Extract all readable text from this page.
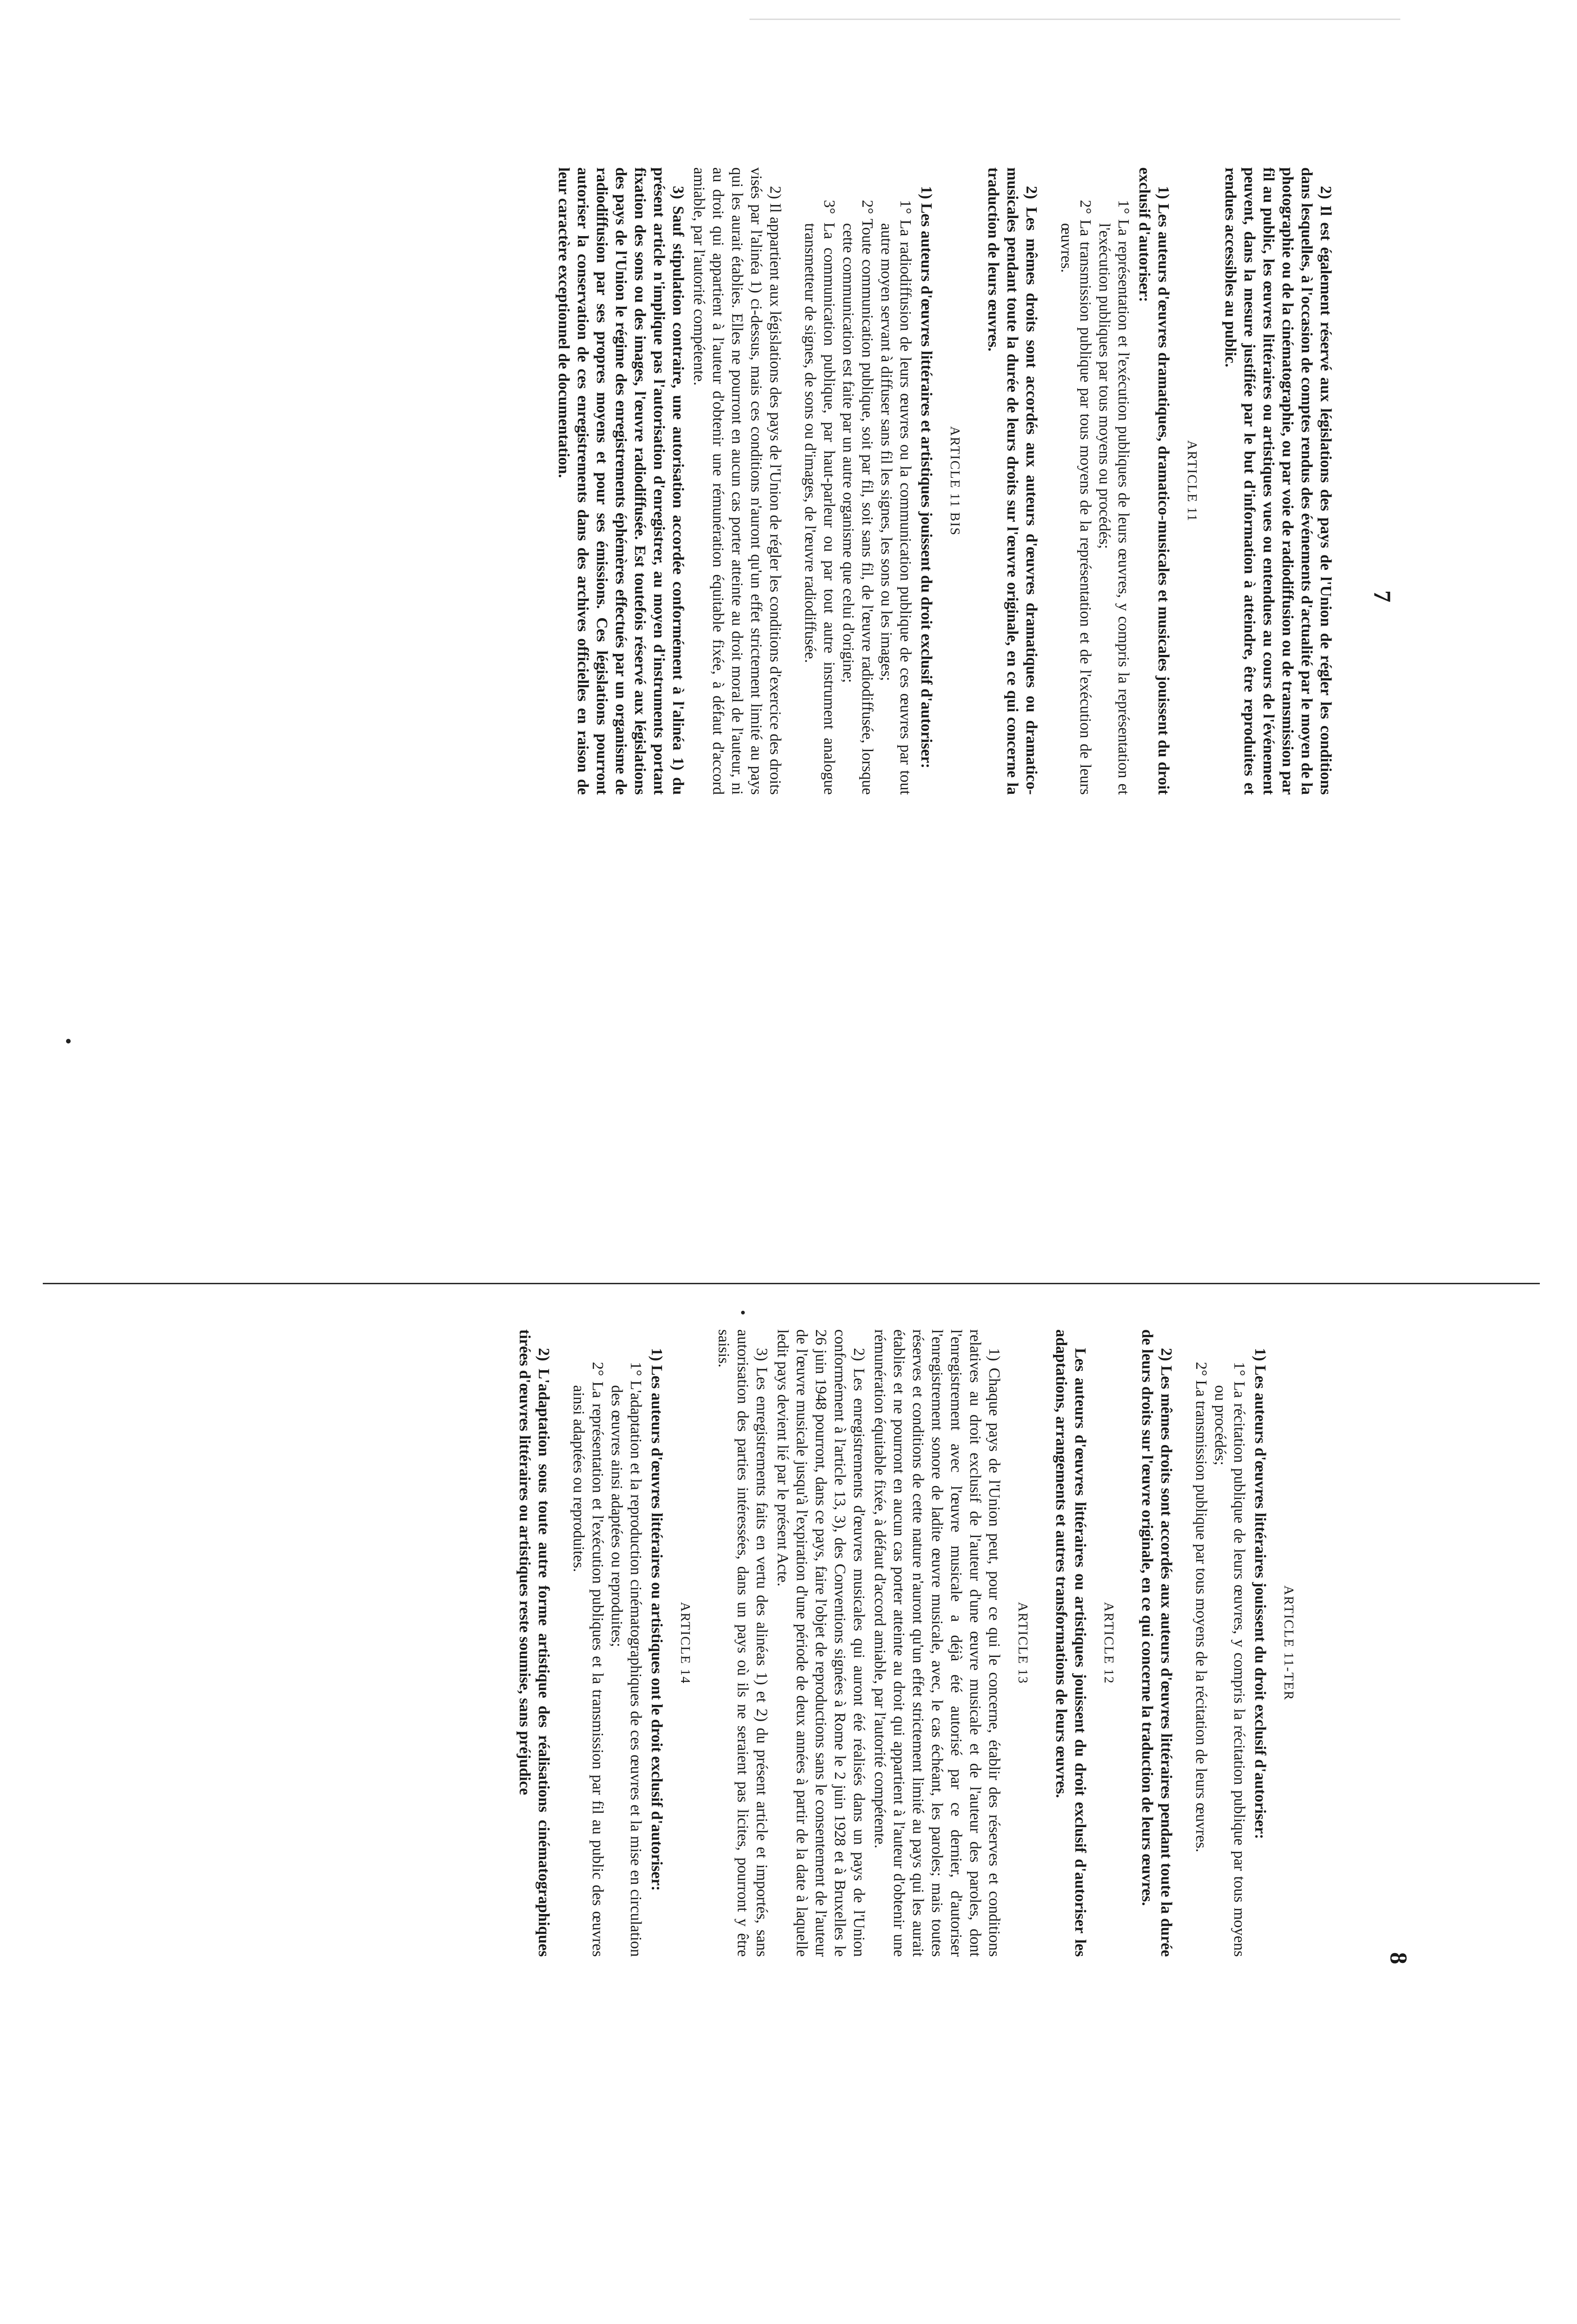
7

2) Il est également réservé aux législations des pays de l'Union de régler les conditions dans lesquelles, à l'occasion de comptes rendus des événements d'actualité par le moyen de la photographie ou de la cinématographie, ou par voie de radiodiffusion ou de transmission par fil au public, les œuvres littéraires ou artistiques vues ou entendues au cours de l'événement peuvent, dans la mesure justifiée par le but d'information à atteindre, être reproduites et rendues accessibles au public.

ARTICLE 11

1) Les auteurs d'œuvres dramatiques, dramatico-musicales et musicales jouissent du droit exclusif d'autoriser:

1° La représentation et l'exécution publiques de leurs œuvres, y compris la représentation et l'exécution publiques par tous moyens ou procédés;
2° La transmission publique par tous moyens de la représentation et de l'exécution de leurs œuvres.

2) Les mêmes droits sont accordés aux auteurs d'œuvres dramatiques ou dramatico-musicales pendant toute la durée de leurs droits sur l'œuvre originale, en ce qui concerne la traduction de leurs œuvres.

ARTICLE 11 BIS

1) Les auteurs d'œuvres littéraires et artistiques jouissent du droit exclusif d'autoriser:

1° La radiodiffusion de leurs œuvres ou la communication publique de ces œuvres par tout autre moyen servant à diffuser sans fil les signes, les sons ou les images;
2° Toute communication publique, soit par fil, soit sans fil, de l'œuvre radiodiffusée, lorsque cette communication est faite par un autre organisme que celui d'origine;
3° La communication publique, par haut-parleur ou par tout autre instrument analogue transmetteur de signes, de sons ou d'images, de l'œuvre radiodiffusée.

2) Il appartient aux législations des pays de l'Union de régler les conditions d'exercice des droits visés par l'alinéa 1) ci-dessus, mais ces conditions n'auront qu'un effet strictement limité au pays qui les aurait établies. Elles ne pourront en aucun cas porter atteinte au droit moral de l'auteur, ni au droit qui appartient à l'auteur d'obtenir une rémunération équitable fixée, à défaut d'accord amiable, par l'autorité compétente.

3) Sauf stipulation contraire, une autorisation accordée conformément à l'alinéa 1) du présent article n'implique pas l'autorisation d'enregistrer, au moyen d'instruments portant fixation des sons ou des images, l'œuvre radiodiffusée. Est toutefois réservé aux législations des pays de l'Union le régime des enregistrements éphémères effectués par un organisme de radiodiffusion par ses propres moyens et pour ses émissions. Ces législations pourront autoriser la conservation de ces enregistrements dans des archives officielles en raison de leur caractère exceptionnel de documentation.

8
ARTICLE 11-TER

1) Les auteurs d'œuvres littéraires jouissent du droit exclusif d'autoriser:

1° La récitation publique de leurs œuvres, y compris la récitation publique par tous moyens ou procédés;
2° La transmission publique par tous moyens de la récitation de leurs œuvres.

2) Les mêmes droits sont accordés aux auteurs d'œuvres littéraires pendant toute la durée de leurs droits sur l'œuvre originale, en ce qui concerne la traduction de leurs œuvres.

ARTICLE 12

Les auteurs d'œuvres littéraires ou artistiques jouissent du droit exclusif d'autoriser les adaptations, arrangements et autres transformations de leurs œuvres.

ARTICLE 13

1) Chaque pays de l'Union peut, pour ce qui le concerne, établir des réserves et conditions relatives au droit exclusif de l'auteur d'une œuvre musicale et de l'auteur des paroles, dont l'enregistrement avec l'œuvre musicale a déjà été autorisé par ce dernier, d'autoriser l'enregistrement sonore de ladite œuvre musicale, avec, le cas échéant, les paroles; mais toutes réserves et conditions de cette nature n'auront qu'un effet strictement limité au pays qui les aurait établies et ne pourront en aucun cas porter atteinte au droit qui appartient à l'auteur d'obtenir une rémunération équitable fixée, à défaut d'accord amiable, par l'autorité compétente.

2) Les enregistrements d'œuvres musicales qui auront été réalisés dans un pays de l'Union conformément à l'article 13, 3), des Conventions signées à Rome le 2 juin 1928 et à Bruxelles le 26 juin 1948 pourront, dans ce pays, faire l'objet de reproductions sans le consentement de l'auteur de l'œuvre musicale jusqu'à l'expiration d'une période de deux années à partir de la date à laquelle ledit pays devient lié par le présent Acte.

3) Les enregistrements faits en vertu des alinéas 1) et 2) du présent article et importés, sans autorisation des parties intéressées, dans un pays où ils ne seraient pas licites, pourront y être saisis.

ARTICLE 14

1) Les auteurs d'œuvres littéraires ou artistiques ont le droit exclusif d'autoriser:

1° L'adaptation et la reproduction cinématographiques de ces œuvres et la mise en circulation des œuvres ainsi adaptées ou reproduites;
2° La représentation et l'exécution publiques et la transmission par fil au public des œuvres ainsi adaptées ou reproduites.

2) L'adaptation sous toute autre forme artistique des réalisations cinématographiques tirées d'œuvres littéraires ou artistiques reste soumise, sans préjudice
